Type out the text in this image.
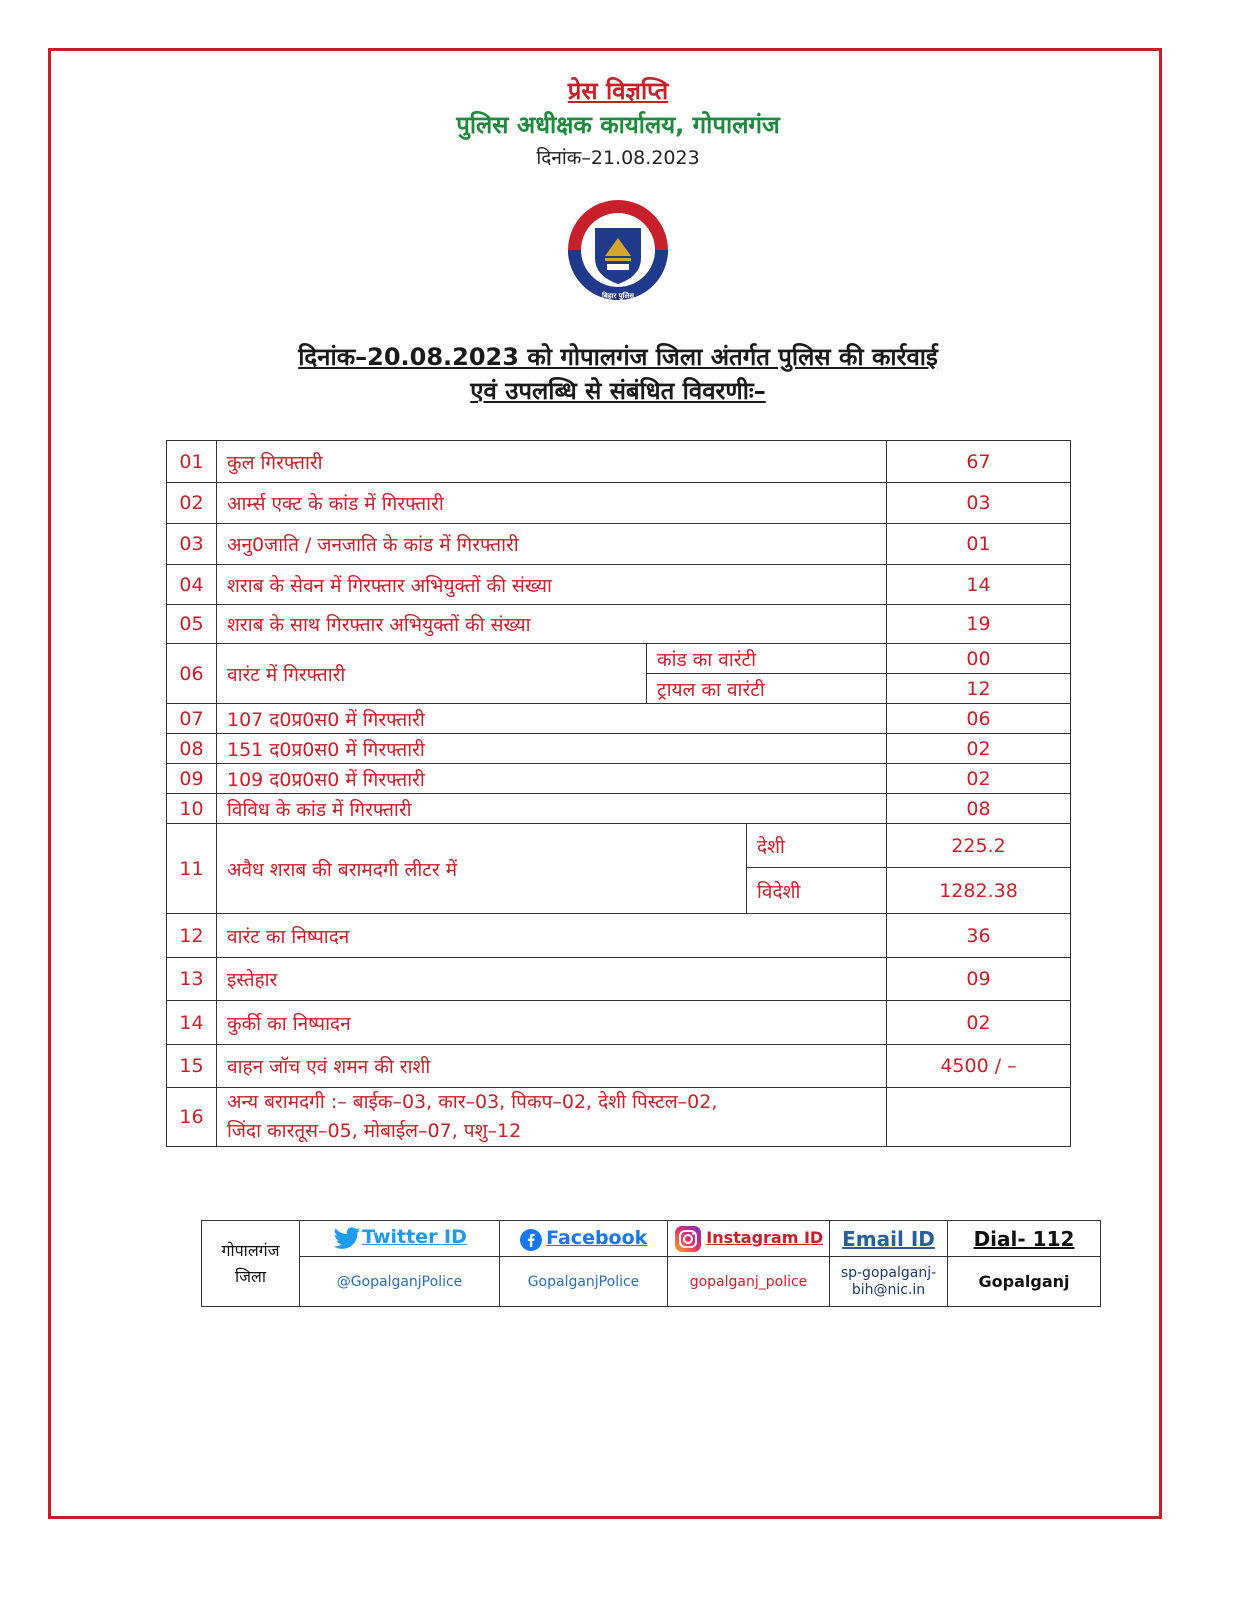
प्रेस विज्ञप्ति
पुलिस अधीक्षक कार्यालय, गोपालगंज
दिनांक–21.08.2023
बिहार पुलिस
बिहार पुलिस
दिनांक–20.08.2023 को गोपालगंज जिला अंतर्गत पुलिस की कार्रवाई
एवं उपलब्धि से संबंधित विवरणीः–
01	कुल गिरफ्तारी			67
02	आर्म्स एक्ट के कांड में गिरफ्तारी			03
03	अनु0जाति / जनजाति के कांड में गिरफ्तारी			01
04	शराब के सेवन में गिरफ्तार अभियुक्तों की संख्या			14
05	शराब के साथ गिरफ्तार अभियुक्तों की संख्या			19
06	वारंट में गिरफ्तारी	कांड का वारंटी		00
		ट्रायल का वारंटी		12
07	107 द0प्र0स0 में गिरफ्तारी			06
08	151 द0प्र0स0 में गिरफ्तारी			02
09	109 द0प्र0स0 में गिरफ्तारी			02
10	विविध के कांड में गिरफ्तारी			08
11	अवैध शराब की बरामदगी लीटर में		देशी	225.2
			विदेशी	1282.38
12	वारंट का निष्पादन			36
13	इस्तेहार			09
14	कुर्की का निष्पादन			02
15	वाहन जॉच एवं शमन की राशी			4500 / –
16	अन्य बरामदगी :– बाईक–03, कार–03, पिकप–02, देशी पिस्टल–02,
जिंदा कारतूस–05, मोबाईल–07, पशु–12			

गोपालगंज
जिला	Twitter ID	Facebook	Instagram ID	Email ID	Dial- 112
	@GopalganjPolice	GopalganjPolice	gopalganj_police	sp-gopalganj-
bih@nic.in	Gopalganj
